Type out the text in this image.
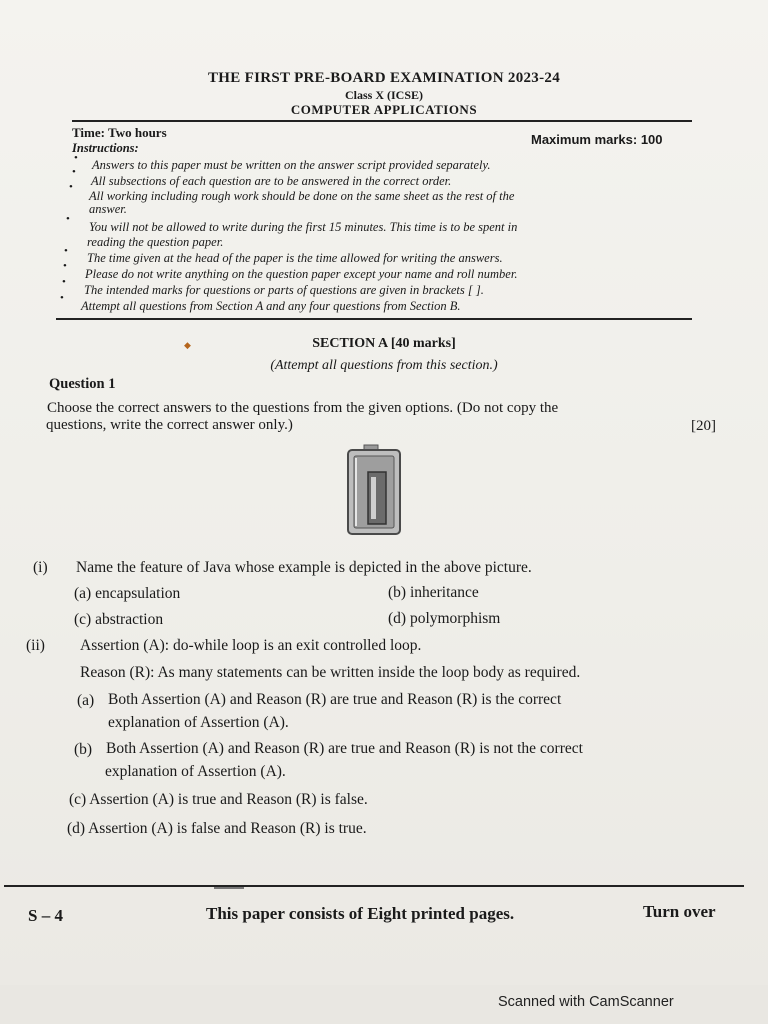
THE FIRST PRE-BOARD EXAMINATION 2023-24
Class X (ICSE)
COMPUTER APPLICATIONS
Time: Two hours	Maximum marks: 100
Instructions:
• Answers to this paper must be written on the answer script provided separately.
•
All subsections of each question are to be answered in the correct order.
•
All working including rough work should be done on the same sheet as the rest of the
answer.
•
You will not be allowed to write during the first 15 minutes. This time is to be spent in
reading the question paper.
• The time given at the head of the paper is the time allowed for writing the answers.
•
Please do not write anything on the question paper except your name and roll number.
•
The intended marks for questions or parts of questions are given in brackets [ ].
•
Attempt all questions from Section A and any four questions from Section B.
◆	SECTION A [40 marks]
(Attempt all questions from this section.)
Question 1
Choose the correct answers to the questions from the given options. (Do not copy the
questions, write the correct answer only.)	[20]
(i) Name the feature of Java whose example is depicted in the above picture.
(a) encapsulation	(b) inheritance
(c) abstraction	(d) polymorphism
(ii) Assertion (A): do-while loop is an exit controlled loop.
Reason (R): As many statements can be written inside the loop body as required.
(a) Both Assertion (A) and Reason (R) are true and Reason (R) is the correct
explanation of Assertion (A).
(b) Both Assertion (A) and Reason (R) are true and Reason (R) is not the correct
explanation of Assertion (A).
(c) Assertion (A) is true and Reason (R) is false.
(d) Assertion (A) is false and Reason (R) is true.
S – 4	This paper consists of Eight printed pages.	Turn over
Scanned with CamScanner
